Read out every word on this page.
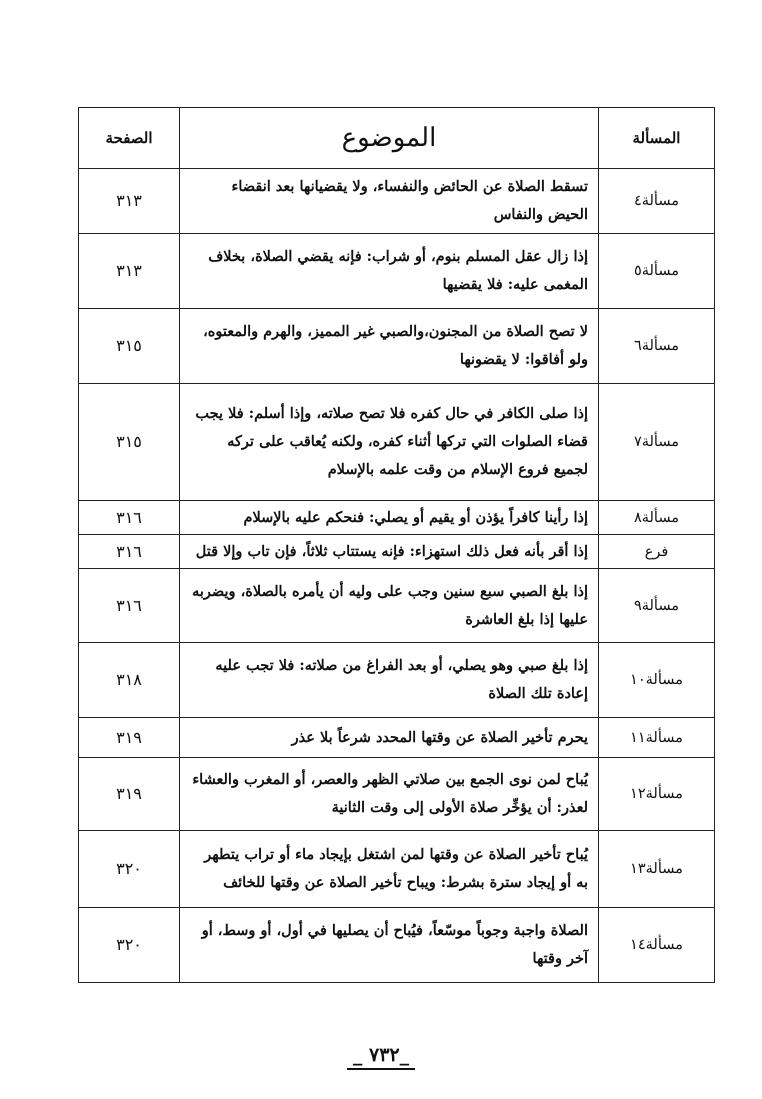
المسألة	الموضوع	الصفحة
مسألة٤	تسقط الصلاة عن الحائض والنفساء، ولا يقضيانها بعد انقضاء الحيض والنفاس	٣١٣
مسألة٥	إذا زال عقل المسلم بنوم، أو شراب: فإنه يقضي الصلاة، بخلاف المغمى عليه: فلا يقضيها	٣١٣
مسألة٦	لا تصح الصلاة من المجنون،والصبي غير المميز، والهرم والمعتوه، ولو أفاقوا: لا يقضونها	٣١٥
مسألة٧	إذا صلى الكافر في حال كفره فلا تصح صلاته، وإذا أسلم: فلا يجب قضاء الصلوات التي تركها أثناء كفره، ولكنه يُعاقب على تركه لجميع فروع الإسلام من وقت علمه بالإسلام	٣١٥
مسألة٨	إذا رأينا كافراً يؤذن أو يقيم أو يصلي: فنحكم عليه بالإسلام	٣١٦
فرع	إذا أقر بأنه فعل ذلك استهزاء: فإنه يستتاب ثلاثاً، فإن تاب وإلا قتل	٣١٦
مسألة٩	إذا بلغ الصبي سبع سنين وجب على وليه أن يأمره بالصلاة، ويضربه عليها إذا بلغ العاشرة	٣١٦
مسألة١٠	إذا بلغ صبي وهو يصلي، أو بعد الفراغ من صلاته: فلا تجب عليه إعادة تلك الصلاة	٣١٨
مسألة١١	يحرم تأخير الصلاة عن وقتها المحدد شرعاً بلا عذر	٣١٩
مسألة١٢	يُباح لمن نوى الجمع بين صلاتي الظهر والعصر، أو المغرب والعشاء لعذر: أن يؤخِّر صلاة الأولى إلى وقت الثانية	٣١٩
مسألة١٣	يُباح تأخير الصلاة عن وقتها لمن اشتغل بإيجاد ماء أو تراب يتطهر به أو إيجاد سترة بشرط: ويباح تأخير الصلاة عن وقتها للخائف	٣٢٠
مسألة١٤	الصلاة واجبة وجوباً موسّعاً، فيُباح أن يصليها في أول، أو وسط، أو آخر وقتها	٣٢٠
_٧٣٢ _
